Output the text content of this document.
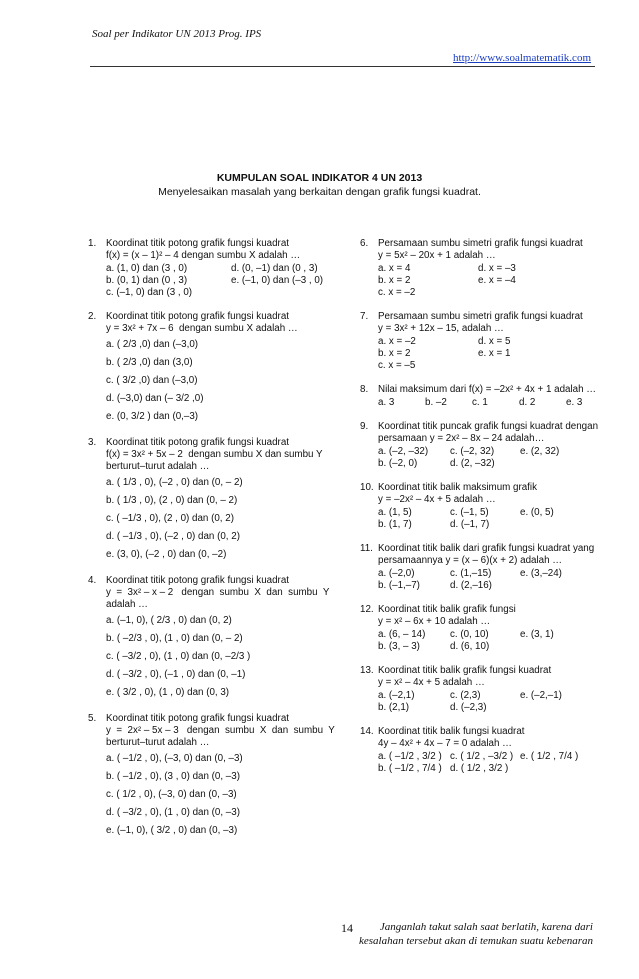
Soal per Indikator UN 2013 Prog. IPS
http://www.soalmatematik.com
KUMPULAN SOAL INDIKATOR 4 UN 2013
Menyelesaikan masalah yang berkaitan dengan grafik fungsi kuadrat.
1. Koordinat titik potong grafik fungsi kuadrat
f(x) = (x – 1)² – 4 dengan sumbu X adalah …
a. (1, 0) dan (3 , 0)	d. (0, –1) dan (0 , 3)
b. (0, 1) dan (0 , 3)	e. (–1, 0) dan (–3 , 0)
c. (–1, 0) dan (3 , 0)
2. Koordinat titik potong grafik fungsi kuadrat
y = 3x² + 7x – 6  dengan sumbu X adalah …
a. ( 2/3 ,0) dan (–3,0)
b. ( 2/3 ,0) dan (3,0)
c. ( 3/2 ,0) dan (–3,0)
d. (–3,0) dan (– 3/2 ,0)
e. (0, 3/2 ) dan (0,–3)
3. Koordinat titik potong grafik fungsi kuadrat
f(x) = 3x² + 5x – 2  dengan sumbu X dan sumbu Y berturut–turut adalah …
a. ( 1/3 , 0), (–2 , 0) dan (0, – 2)
b. ( 1/3 , 0), (2 , 0) dan (0, – 2)
c. ( –1/3 , 0), (2 , 0) dan (0, 2)
d. ( –1/3 , 0), (–2 , 0) dan (0, 2)
e. (3, 0), (–2 , 0) dan (0, –2)
4. Koordinat titik potong grafik fungsi kuadrat
y  =  3x² – x – 2   dengan  sumbu  X  dan  sumbu  Y adalah …
a. (–1, 0), ( 2/3 , 0) dan (0, 2)
b. ( –2/3 , 0), (1 , 0) dan (0, – 2)
c. ( –3/2 , 0), (1 , 0) dan (0, –2/3 )
d. ( –3/2 , 0), (–1 , 0) dan (0, –1)
e. ( 3/2 , 0), (1 , 0) dan (0, 3)
5. Koordinat titik potong grafik fungsi kuadrat
y  =  2x² – 5x – 3   dengan  sumbu  X  dan  sumbu  Y berturut–turut adalah …
a. ( –1/2 , 0), (–3, 0) dan (0, –3)
b. ( –1/2 , 0), (3 , 0) dan (0, –3)
c. ( 1/2 , 0), (–3, 0) dan (0, –3)
d. ( –3/2 , 0), (1 , 0) dan (0, –3)
e. (–1, 0), ( 3/2 , 0) dan (0, –3)
6. Persamaan sumbu simetri grafik fungsi kuadrat
y = 5x² – 20x + 1 adalah …
a. x = 4	d. x = –3
b. x = 2	e. x = –4
c. x = –2
7. Persamaan sumbu simetri grafik fungsi kuadrat
y = 3x² + 12x – 15, adalah …
a. x = –2	d. x = 5
b. x = 2	e. x = 1
c. x = –5
8. Nilai maksimum dari f(x) = –2x² + 4x + 1 adalah …
a. 3	b. –2	c. 1	d. 2	e. 3
9. Koordinat titik puncak grafik fungsi kuadrat dengan persamaan y = 2x² – 8x – 24 adalah…
a. (–2, –32)	c. (–2, 32)	e. (2, 32)
b. (–2, 0)	d. (2, –32)
10. Koordinat titik balik maksimum grafik
y = –2x² – 4x + 5 adalah …
a. (1, 5)	c. (–1, 5)	e. (0, 5)
b. (1, 7)	d. (–1, 7)
11. Koordinat titik balik dari grafik fungsi kuadrat yang persamaannya y = (x – 6)(x + 2) adalah …
a. (–2,0)	c. (1,–15)	e. (3,–24)
b. (–1,–7)	d. (2,–16)
12. Koordinat titik balik grafik fungsi
y = x² – 6x + 10 adalah …
a. (6, – 14)	c. (0, 10)	e. (3, 1)
b. (3, – 3)	d. (6, 10)
13. Koordinat titik balik grafik fungsi kuadrat
y = x² – 4x + 5 adalah …
a. (–2,1)	c. (2,3)	e. (–2,–1)
b. (2,1)	d. (–2,3)
14. Koordinat titik balik fungsi kuadrat
4y – 4x² + 4x – 7 = 0 adalah …
a. ( –1/2 , 3/2 ) c. ( 1/2 , –3/2 ) e. ( 1/2 , 7/4 )
b. ( –1/2 , 7/4 ) d. ( 1/2 , 3/2 )
14	Janganlah takut salah saat berlatih, karena dari kesalahan tersebut akan di temukan suatu kebenaran
